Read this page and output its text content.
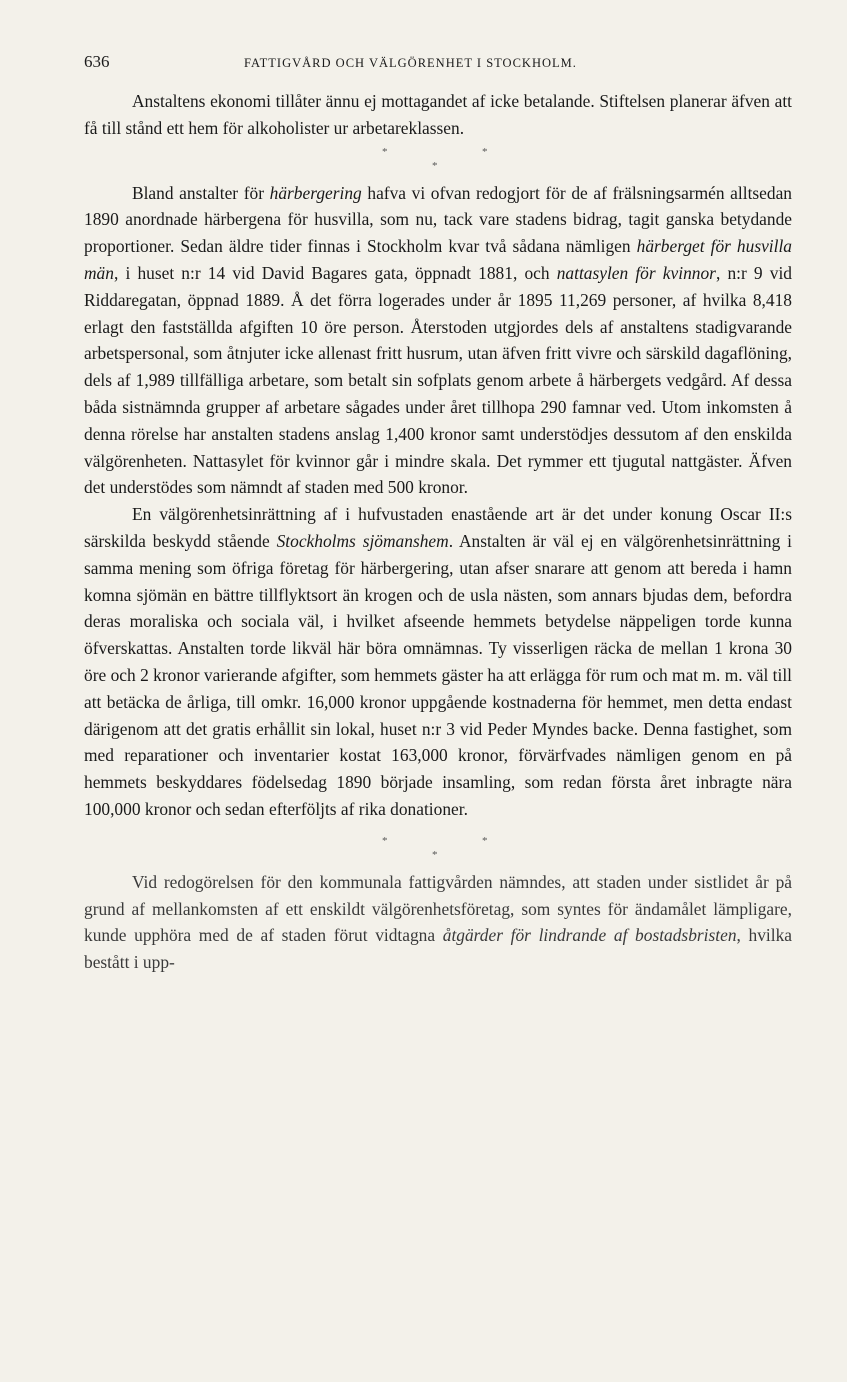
636	FATTIGVÅRD OCH VÄLGÖRENHET I STOCKHOLM.

Anstaltens ekonomi tillåter ännu ej mottagandet af icke betalande. Stiftelsen planerar äfven att få till stånd ett hem för alkoholister ur arbetareklassen.

*	*
*

Bland anstalter för härbergering hafva vi ofvan redogjort för de af frälsningsarmén alltsedan 1890 anordnade härbergena för husvilla, som nu, tack vare stadens bidrag, tagit ganska betydande proportioner. Sedan äldre tider finnas i Stockholm kvar två sådana nämligen härberget för husvilla män, i huset n:r 14 vid David Bagares gata, öppnadt 1881, och nattasylen för kvinnor, n:r 9 vid Riddaregatan, öppnad 1889. Å det förra logerades under år 1895 11,269 personer, af hvilka 8,418 erlagt den fastställda afgiften 10 öre person. Återstoden utgjordes dels af anstaltens stadigvarande arbetspersonal, som åtnjuter icke allenast fritt husrum, utan äfven fritt vivre och särskild dagaflöning, dels af 1,989 tillfälliga arbetare, som betalt sin sofplats genom arbete å härbergets vedgård. Af dessa båda sistnämnda grupper af arbetare sågades under året tillhopa 290 famnar ved. Utom inkomsten å denna rörelse har anstalten stadens anslag 1,400 kronor samt understödjes dessutom af den enskilda välgörenheten. Nattasylet för kvinnor går i mindre skala. Det rymmer ett tjugutal nattgäster. Äfven det understödes som nämndt af staden med 500 kronor.

En välgörenhetsinrättning af i hufvustaden enastående art är det under konung Oscar II:s särskilda beskydd stående Stockholms sjömanshem. Anstalten är väl ej en välgörenhetsinrättning i samma mening som öfriga företag för härbergering, utan afser snarare att genom att bereda i hamn komna sjömän en bättre tillflyktsort än krogen och de usla nästen, som annars bjudas dem, befordra deras moraliska och sociala väl, i hvilket afseende hemmets betydelse näppeligen torde kunna öfverskattas. Anstalten torde likväl här böra omnämnas. Ty visserligen räcka de mellan 1 krona 30 öre och 2 kronor varierande afgifter, som hemmets gäster ha att erlägga för rum och mat m. m. väl till att betäcka de årliga, till omkr. 16,000 kronor uppgående kostnaderna för hemmet, men detta endast därigenom att det gratis erhållit sin lokal, huset n:r 3 vid Peder Myndes backe. Denna fastighet, som med reparationer och inventarier kostat 163,000 kronor, förvärfvades nämligen genom en på hemmets beskyddares födelsedag 1890 började insamling, som redan första året inbragte nära 100,000 kronor och sedan efterföljts af rika donationer.

*	*
*

Vid redogörelsen för den kommunala fattigvården nämndes, att staden under sistlidet år på grund af mellankomsten af ett enskildt välgörenhetsföretag, som syntes för ändamålet lämpligare, kunde upphöra med de af staden förut vidtagna åtgärder för lindrande af bostadsbristen, hvilka bestått i upp-
